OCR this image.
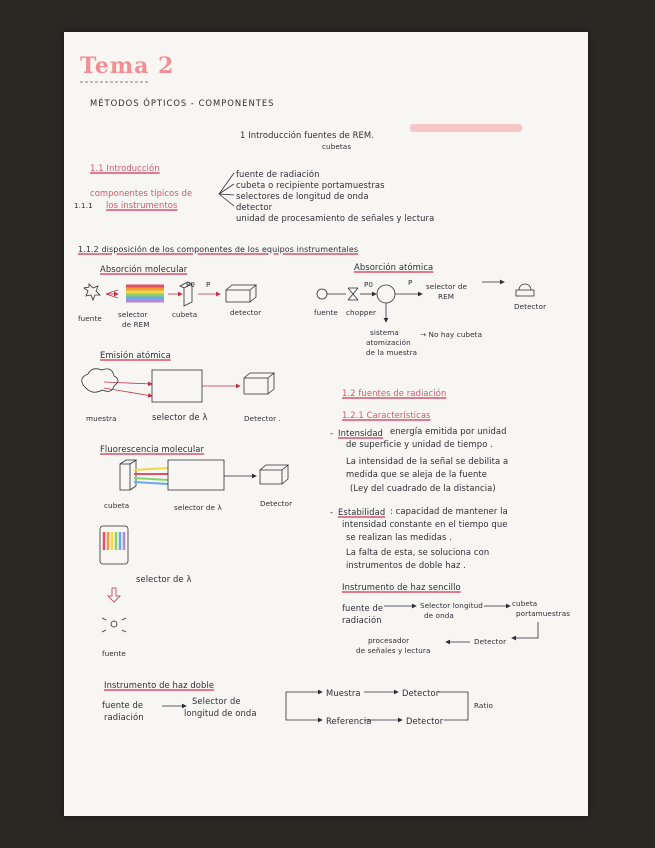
Tema 2
MÉTODOS ÓPTICOS - COMPONENTES
1 Introducción fuentes de REM.
cubetas
1.1 Introducción
componentes típicos de
los instrumentos
1.1.1
fuente de radiación
cubeta o recipiente portamuestras
selectores de longitud de onda
detector
unidad de procesamiento de señales y lectura
1.1.2 disposición de los componentes de los equipos instrumentales
Absorción molecular
fuente selector
de REM
cubeta	detector
P0 P
Absorción atómica
fuente chopper
P0	P selector de
REM
Detector
sistema
atomización
de la muestra
→ No hay cubeta
Emisión atómica
muestra	selector de λ	Detector .
Fluorescencia molecular
cubeta	selector de λ	Detector
selector de λ
fuente
1.2 fuentes de radiación
1.2.1 Características
- Intensidad energía emitida por unidad
de superficie y unidad de tiempo .
La intensidad de la señal se debilita a
medida que se aleja de la fuente
(Ley del cuadrado de la distancia)
- Estabilidad : capacidad de mantener la
intensidad constante en el tiempo que
se realizan las medidas .
La falta de esta, se soluciona con
instrumentos de doble haz .
Instrumento de haz sencillo
fuente de
radiación
Selector longitud
de onda
cubeta
portamuestras
procesador
de señales y lectura
Detector
Instrumento de haz doble
fuente de
radiación
Selector de
longitud de onda
Muestra	Detector
Referencia	Detector
Ratio
